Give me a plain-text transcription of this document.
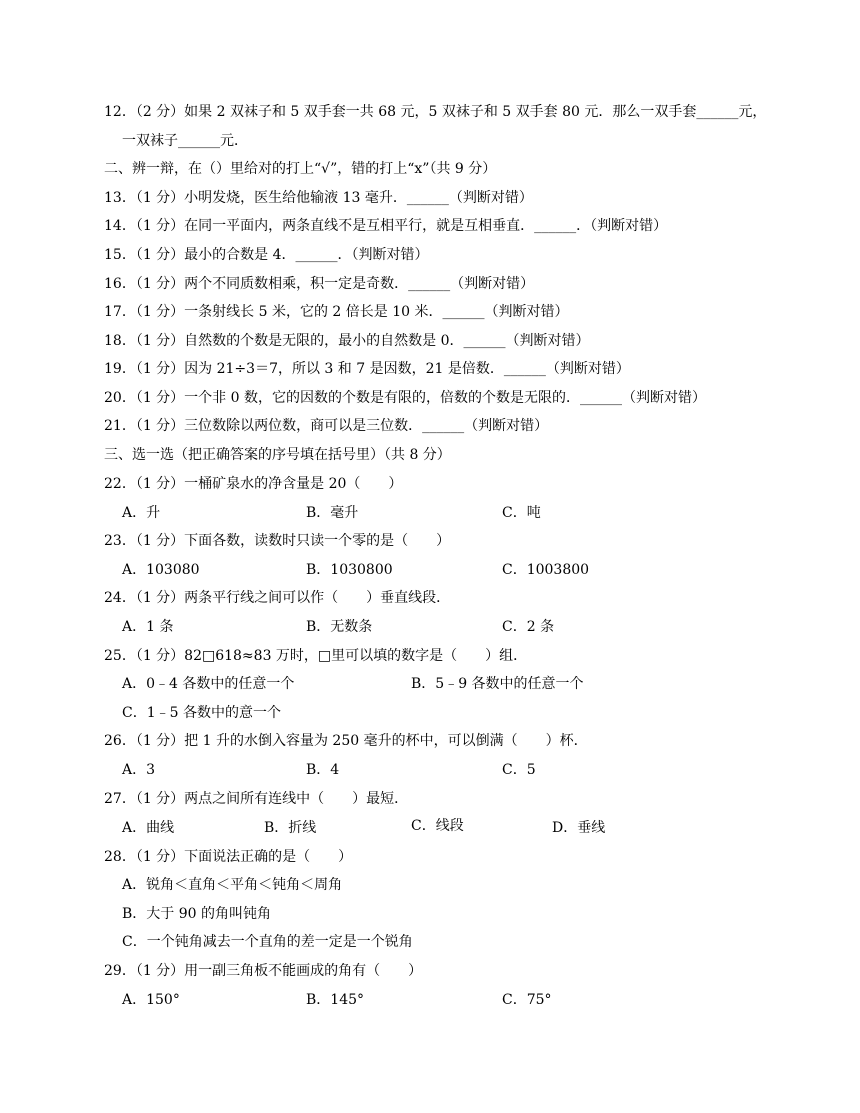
12．（2 分）如果 2 双袜子和 5 双手套一共 68 元，5 双袜子和 5 双手套 80 元．那么一双手套______元，
一双袜子______元．
二、辨一辩，在（）里给对的打上“√”，错的打上“x”（共 9 分）
13．（1 分）小明发烧，医生给他输液 13 毫升．______（判断对错）
14．（1 分）在同一平面内，两条直线不是互相平行，就是互相垂直．______．（判断对错）
15．（1 分）最小的合数是 4．______．（判断对错）
16．（1 分）两个不同质数相乘，积一定是奇数．______（判断对错）
17．（1 分）一条射线长 5 米，它的 2 倍长是 10 米．______（判断对错）
18．（1 分）自然数的个数是无限的，最小的自然数是 0．______（判断对错）
19．（1 分）因为 21÷3＝7，所以 3 和 7 是因数，21 是倍数．______（判断对错）
20．（1 分）一个非 0 数，它的因数的个数是有限的，倍数的个数是无限的．______（判断对错）
21．（1 分）三位数除以两位数，商可以是三位数．______（判断对错）
三、选一选（把正确答案的序号填在括号里）（共 8 分）
22．（1 分）一桶矿泉水的净含量是 20（　　）
A．升	B．毫升	C．吨
23．（1 分）下面各数，读数时只读一个零的是（　　）
A．103080	B．1030800	C．1003800
24．（1 分）两条平行线之间可以作（　　）垂直线段．
A．1 条	B．无数条	C．2 条
25．（1 分）82□618≈83 万时，□里可以填的数字是（　　）组．
A．0﹣4 各数中的任意一个	B．5﹣9 各数中的任意一个
C．1﹣5 各数中的意一个
26．（1 分）把 1 升的水倒入容量为 250 毫升的杯中，可以倒满（　　）杯．
A．3	B．4	C．5
27．（1 分）两点之间所有连线中（　　）最短．
A．曲线	B．折线	C．线段	D．垂线
28．（1 分）下面说法正确的是（　　）
A．锐角＜直角＜平角＜钝角＜周角
B．大于 90 的角叫钝角
C．一个钝角减去一个直角的差一定是一个锐角
29．（1 分）用一副三角板不能画成的角有（　　）
A．150°	B．145°	C．75°
